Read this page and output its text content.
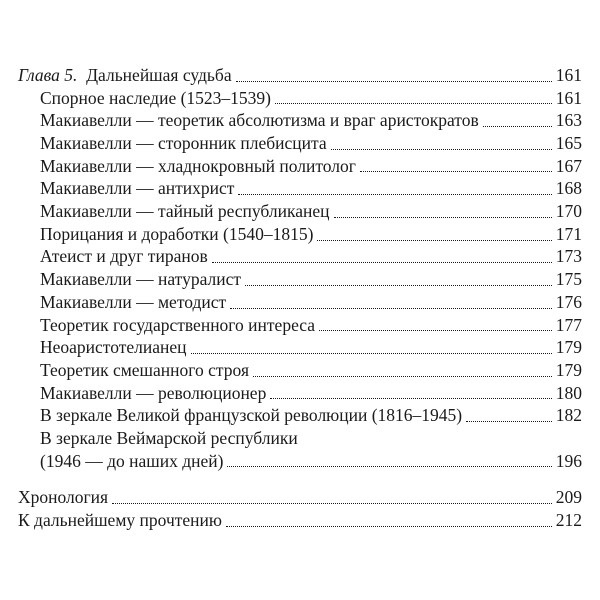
Глава 5. Дальнейшая судьба	161
Спорное наследие (1523–1539)	161
Макиавелли — теоретик абсолютизма и враг аристократов	163
Макиавелли — сторонник плебисцита	165
Макиавелли — хладнокровный политолог	167
Макиавелли — антихрист	168
Макиавелли — тайный республиканец	170
Порицания и доработки (1540–1815)	171
Атеист и друг тиранов	173
Макиавелли — натуралист	175
Макиавелли — методист	176
Теоретик государственного интереса	177
Неоаристотелианец	179
Теоретик смешанного строя	179
Макиавелли — революционер	180
В зеркале Великой французской революции (1816–1945)	182
В зеркале Веймарской республики
(1946 — до наших дней)	196
Хронология	209
К дальнейшему прочтению	212
